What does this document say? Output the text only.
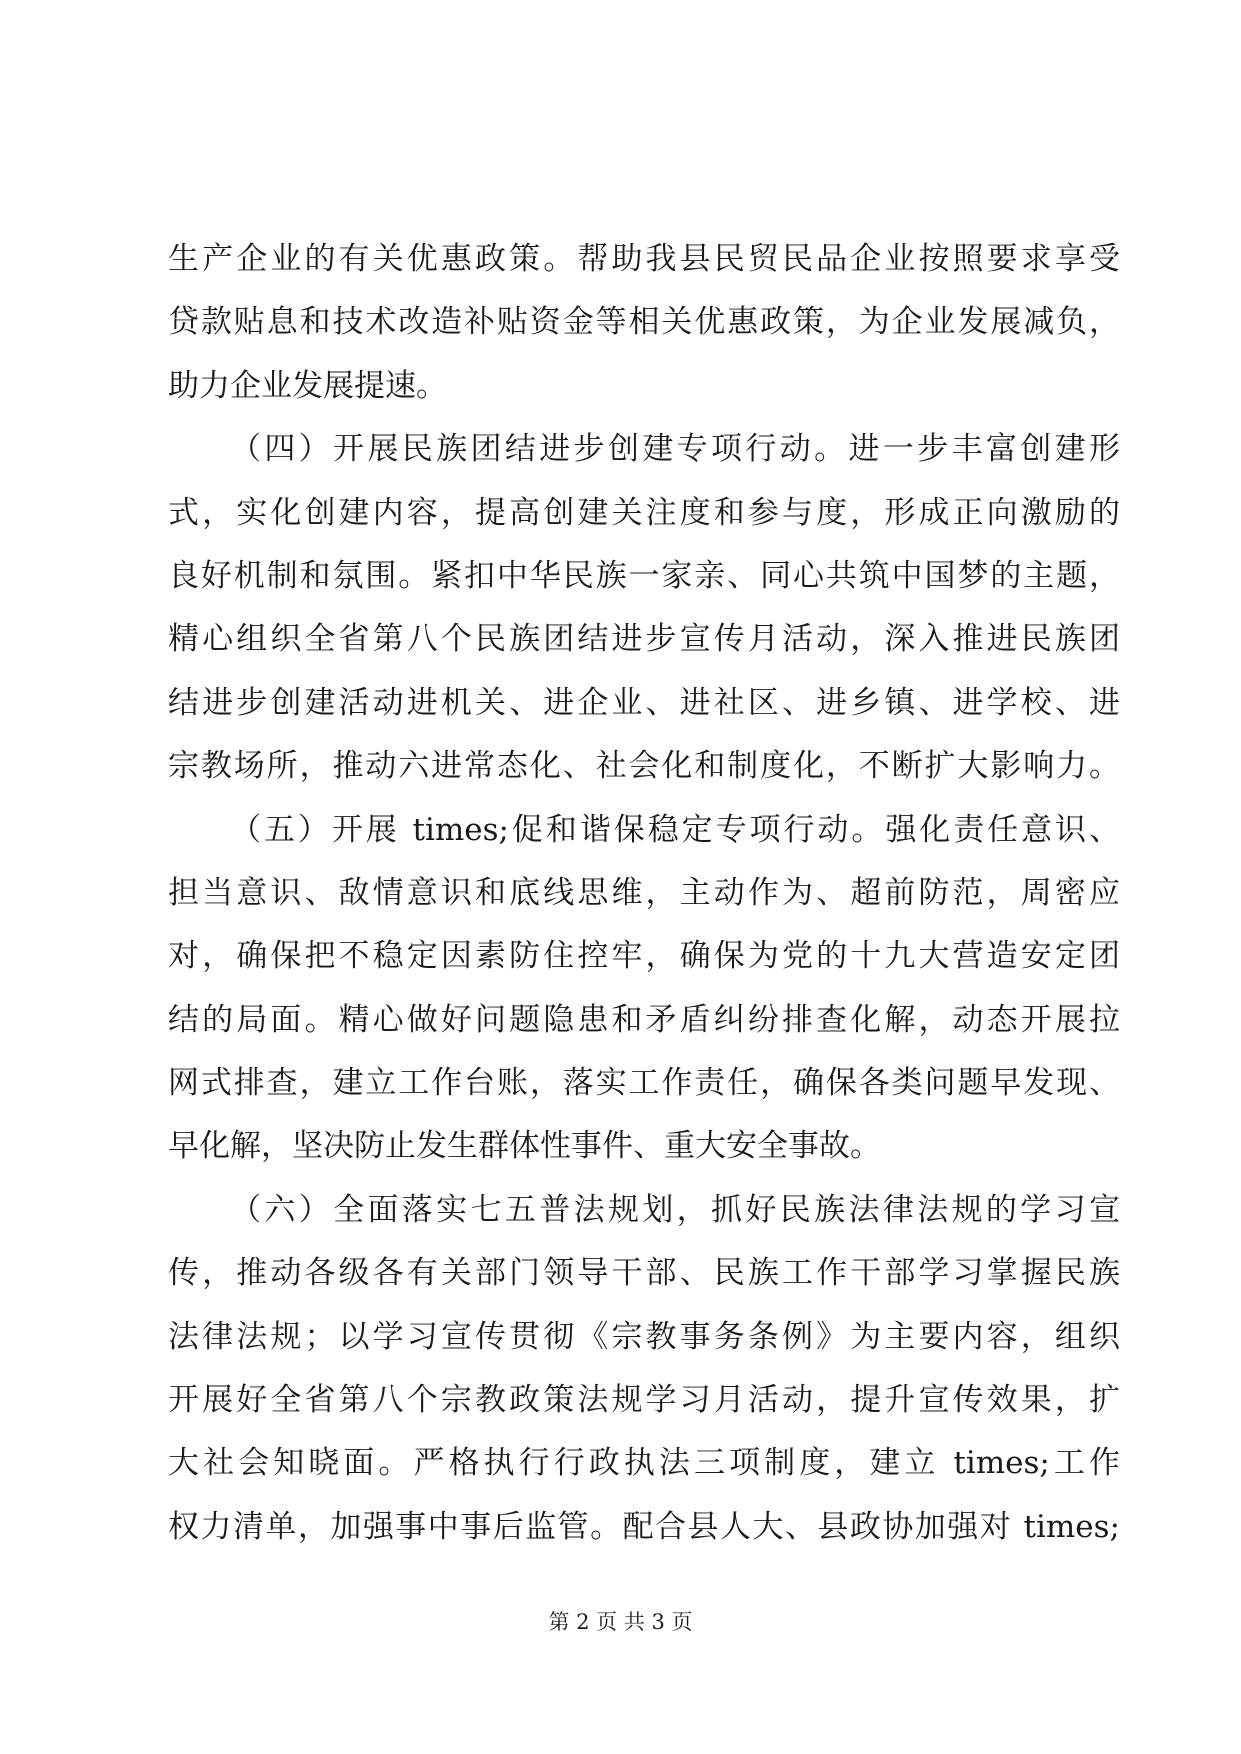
生产企业的有关优惠政策。帮助我县民贸民品企业按照要求享受
贷款贴息和技术改造补贴资金等相关优惠政策，为企业发展减负，
助力企业发展提速。
（四）开展民族团结进步创建专项行动。进一步丰富创建形
式，实化创建内容，提高创建关注度和参与度，形成正向激励的
良好机制和氛围。紧扣中华民族一家亲、同心共筑中国梦的主题，
精心组织全省第八个民族团结进步宣传月活动，深入推进民族团
结进步创建活动进机关、进企业、进社区、进乡镇、进学校、进
宗教场所，推动六进常态化、社会化和制度化，不断扩大影响力。
（五）开展 times;促和谐保稳定专项行动。强化责任意识、
担当意识、敌情意识和底线思维，主动作为、超前防范，周密应
对，确保把不稳定因素防住控牢，确保为党的十九大营造安定团
结的局面。精心做好问题隐患和矛盾纠纷排查化解，动态开展拉
网式排查，建立工作台账，落实工作责任，确保各类问题早发现、
早化解，坚决防止发生群体性事件、重大安全事故。
（六）全面落实七五普法规划，抓好民族法律法规的学习宣
传，推动各级各有关部门领导干部、民族工作干部学习掌握民族
法律法规；以学习宣传贯彻《宗教事务条例》为主要内容，组织
开展好全省第八个宗教政策法规学习月活动，提升宣传效果，扩
大社会知晓面。严格执行行政执法三项制度，建立 times;工作
权力清单，加强事中事后监管。配合县人大、县政协加强对 times;
第 2 页 共 3 页
